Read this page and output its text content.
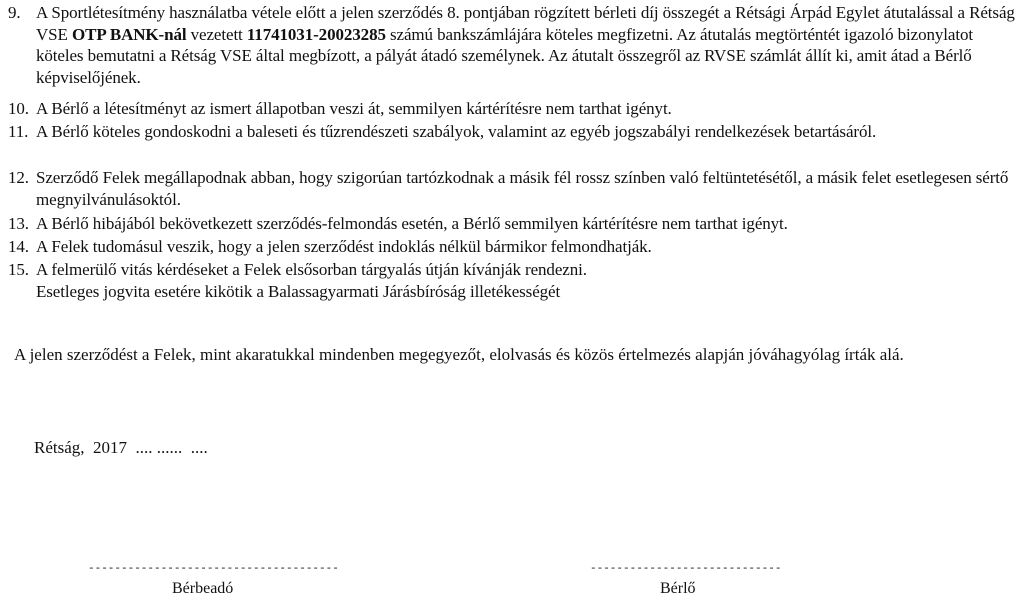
9. A Sportlétesítmény használatba vétele előtt a jelen szerződés 8. pontjában rögzített bérleti díj összegét a Rétsági Árpád Egylet átutalással a Rétság VSE OTP BANK-nál vezetett 11741031-20023285 számú bankszámlájára köteles megfizetni. Az átutalás megtörténtét igazoló bizonylatot köteles bemutatni a Rétság VSE által megbízott, a pályát átadó személynek. Az átutalt összegről az RVSE számlát állít ki, amit átad a Bérlő képviselőjének.
10. A Bérlő a létesítményt az ismert állapotban veszi át, semmilyen kártérítésre nem tarthat igényt.
11. A Bérlő köteles gondoskodni a baleseti és tűzrendészeti szabályok, valamint az egyéb jogszabályi rendelkezések betartásáról.
12. Szerződő Felek megállapodnak abban, hogy szigorúan tartózkodnak a másik fél rossz színben való feltüntetésétől, a másik felet esetlegesen sértő megnyilvánulásoktól.
13. A Bérlő hibájából bekövetkezett szerződés-felmondás esetén, a Bérlő semmilyen kártérítésre nem tarthat igényt.
14. A Felek tudomásul veszik, hogy a jelen szerződést indoklás nélkül bármikor felmondhatják.
15. A felmerülő vitás kérdéseket a Felek elsősorban tárgyalás útján kívánják rendezni.
Esetleges jogvita esetére kikötik a Balassagyarmati Járásbíróság illetékességét
A jelen szerződést a Felek, mint akaratukkal mindenben megegyezőt, elolvasás és közös értelmezés alapján jóváhagyólag írták alá.
Rétság,  2017  .... ......  ....
--------------------------------------
Bérbeadó
-----------------------------
Bérlő
